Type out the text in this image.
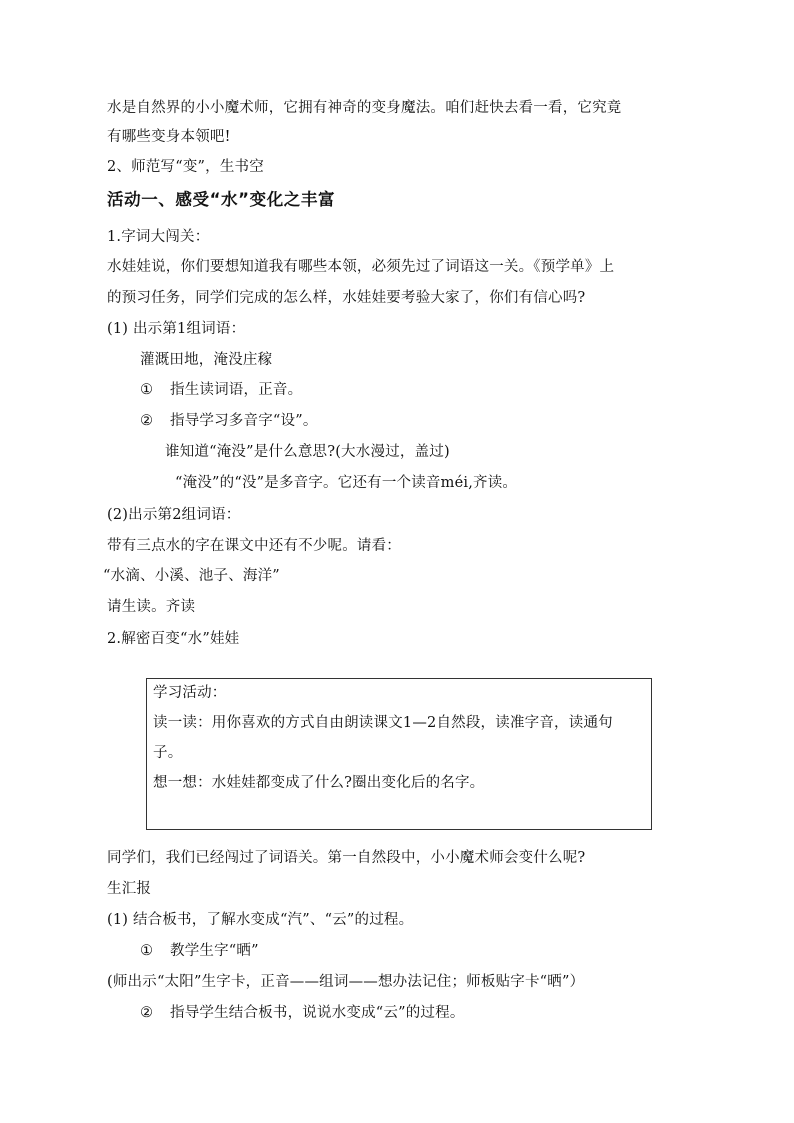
水是自然界的小小魔术师，它拥有神奇的变身魔法。咱们赶快去看一看，它究竟
有哪些变身本领吧!
2、师范写“变”，生书空
活动一、感受“水”变化之丰富
1.字词大闯关：
水娃娃说，你们要想知道我有哪些本领，必须先过了词语这一关。《预学单》上
的预习任务，同学们完成的怎么样，水娃娃要考验大家了，你们有信心吗?
(1) 出示第1组词语：
灌溉田地，淹没庄稼
① 指生读词语，正音。
② 指导学习多音字“设”。
谁知道“淹没”是什么意思?(大水漫过，盖过)
“淹没”的“没”是多音字。它还有一个读音méi,齐读。
(2)出示第2组词语：
带有三点水的字在课文中还有不少呢。请看：
“水滴、小溪、池子、海洋”
请生读。齐读
2.解密百变“水”娃娃
学习活动：
读一读：用你喜欢的方式自由朗读课文1—2自然段，读准字音，读通句
子。
想一想：水娃娃都变成了什么?圈出变化后的名字。
同学们，我们已经闯过了词语关。第一自然段中，小小魔术师会变什么呢?
生汇报
(1) 结合板书，了解水变成“汽”、“云”的过程。
① 教学生字“晒”
(师出示“太阳”生字卡，正音——组词——想办法记住；师板贴字卡“晒”）
② 指导学生结合板书，说说水变成“云”的过程。
